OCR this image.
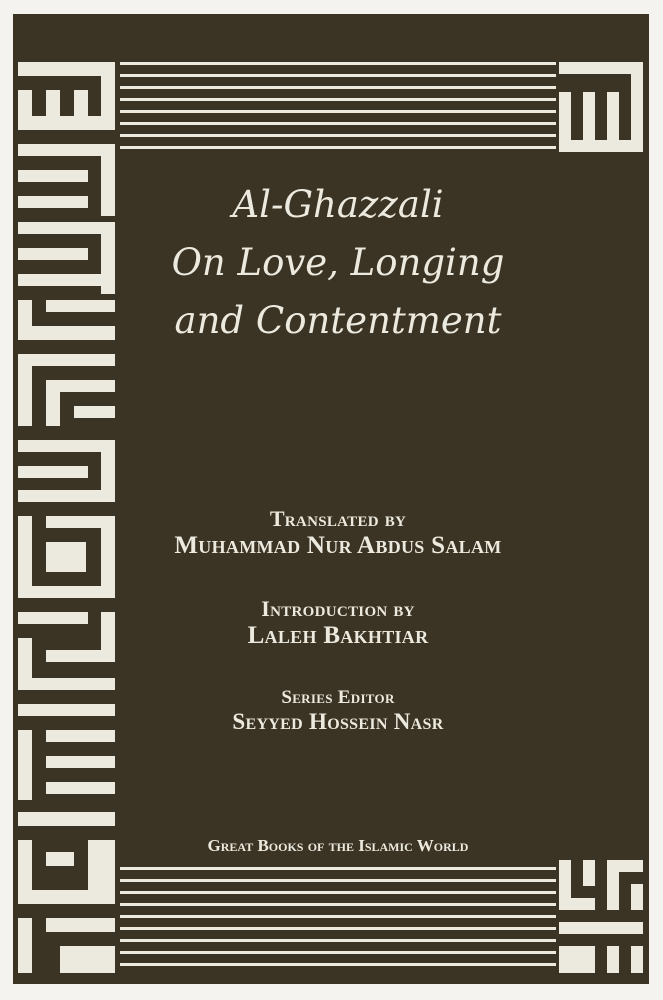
Al-Ghazzali
On Love, Longing
and Contentment
Translated by
Muhammad Nur Abdus Salam
Introduction by
Laleh Bakhtiar
Series Editor
Seyyed Hossein Nasr
Great Books of the Islamic World
